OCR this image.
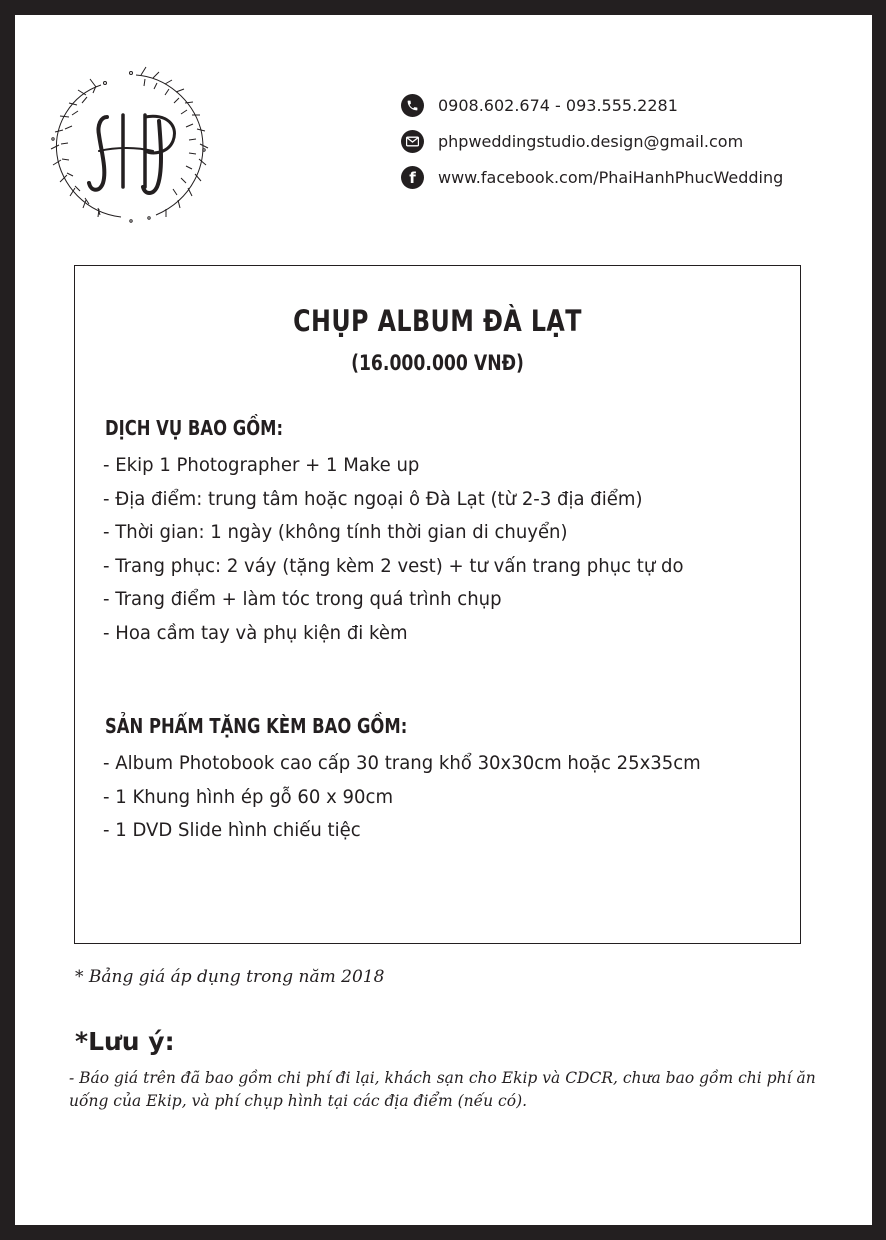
0908.602.674 - 093.555.2281
phpweddingstudio.design@gmail.com
f www.facebook.com/PhaiHanhPhucWedding
CHỤP ALBUM ĐÀ LẠT
(16.000.000 VNĐ)
DỊCH VỤ BAO GỒM:
- Ekip 1 Photographer + 1 Make up
- Địa điểm: trung tâm hoặc ngoại ô Đà Lạt (từ 2-3 địa điểm)
- Thời gian: 1 ngày (không tính thời gian di chuyển)
- Trang phục: 2 váy (tặng kèm 2 vest) + tư vấn trang phục tự do
- Trang điểm + làm tóc trong quá trình chụp
- Hoa cầm tay và phụ kiện đi kèm
SẢN PHẨM TẶNG KÈM BAO GỒM:
- Album Photobook cao cấp 30 trang khổ 30x30cm hoặc 25x35cm
- 1 Khung hình ép gỗ 60 x 90cm
- 1 DVD Slide hình chiếu tiệc
* Bảng giá áp dụng trong năm 2018
*Lưu ý:
- Báo giá trên đã bao gồm chi phí đi lại, khách sạn cho Ekip và CDCR, chưa bao gồm chi phí ăn uống của Ekip, và phí chụp hình tại các địa điểm (nếu có).
